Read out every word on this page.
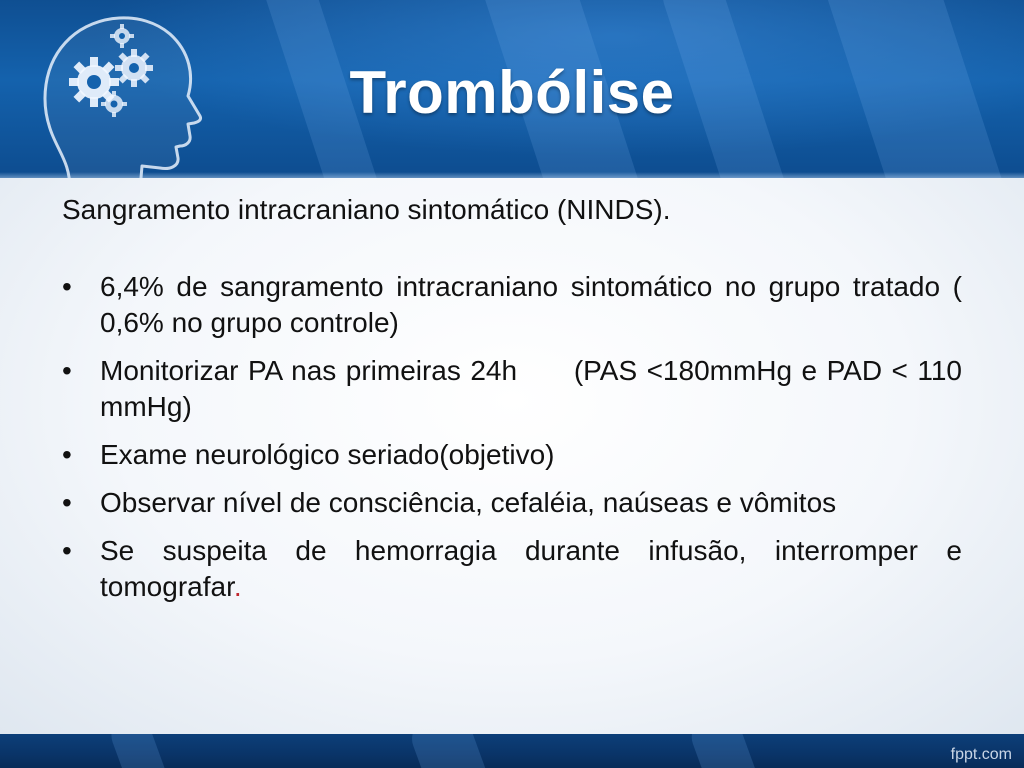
Trombólise

Sangramento intracraniano sintomático (NINDS).

• 6,4% de sangramento intracraniano sintomático no grupo tratado ( 0,6% no grupo controle)
• Monitorizar PA nas primeiras 24h      (PAS <180mmHg e PAD < 110 mmHg)
• Exame neurológico seriado(objetivo)
• Observar nível de consciência, cefaléia, naúseas e vômitos
• Se suspeita de hemorragia durante infusão, interromper e tomografar.
fppt.com
